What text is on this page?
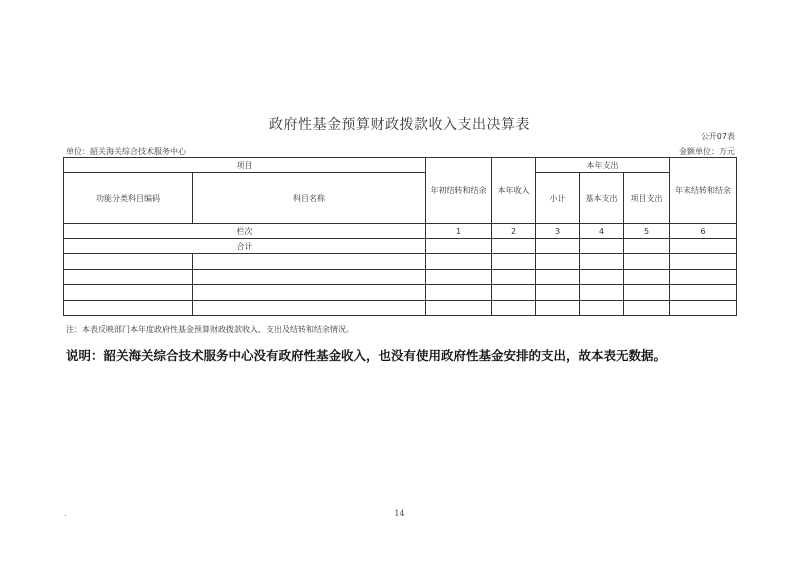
政府性基金预算财政拨款收入支出决算表
公开07表
单位：韶关海关综合技术服务中心	金额单位：万元
项目		年初结转和结余	本年收入	本年支出			年末结转和结余
功能分类科目编码	科目名称			小计	基本支出	项目支出	
栏次		1	2	3	4	5	6
合计							

注：本表反映部门本年度政府性基金预算财政拨款收入、支出及结转和结余情况。
说明：韶关海关综合技术服务中心没有政府性基金收入，也没有使用政府性基金安排的支出，故本表无数据。
14
